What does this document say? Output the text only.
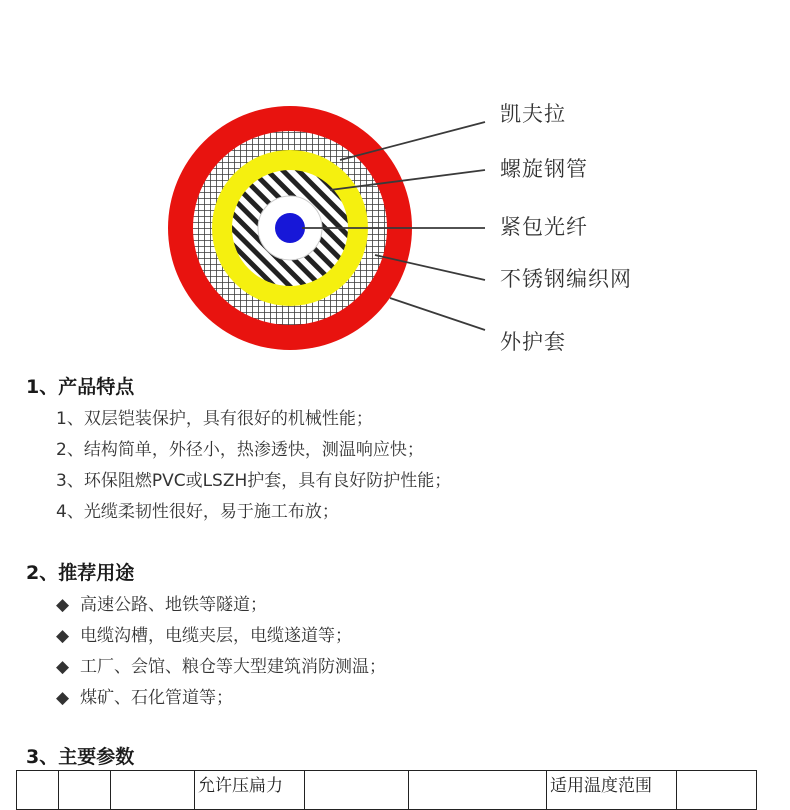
凯夫拉
螺旋钢管
紧包光纤
不锈钢编织网
外护套
1、产品特点
1、双层铠装保护，具有很好的机械性能；
2、结构简单，外径小，热渗透快，测温响应快；
3、环保阻燃PVC或LSZH护套，具有良好防护性能；
4、光缆柔韧性很好，易于施工布放；
2、推荐用途
◆ 高速公路、地铁等隧道；
◆ 电缆沟槽，电缆夹层，电缆遂道等；
◆ 工厂、会馆、粮仓等大型建筑消防测温；
◆ 煤矿、石化管道等；
3、主要参数
			允许压扁力			适用温度范围	
